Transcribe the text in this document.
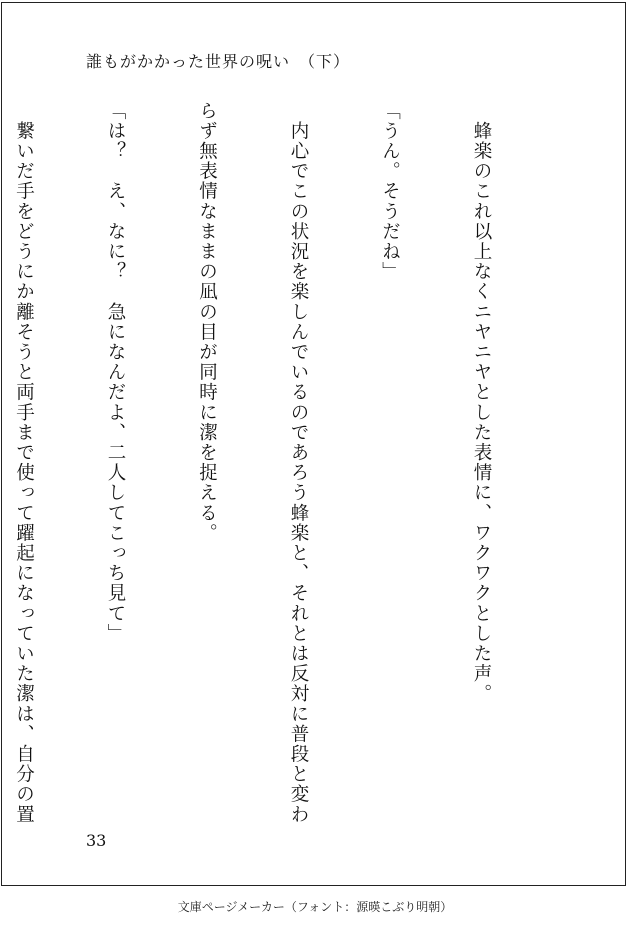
誰もがかかった世界の呪い　（下）

　蜂楽のこれ以上なくニヤニヤとした表情に、ワクワクとした声。

「うん。そうだね」

　内心でこの状況を楽しんでいるのであろう蜂楽と、それとは反対に普段と変わ

らず無表情なままの凪の目が同時に潔を捉える。

「は？　え、なに？　急になんだよ、二人してこっち見て」

　繋いだ手をどうにか離そうと両手まで使って躍起になっていた潔は、自分の置

33
文庫ページメーカー（フォント：源暎こぶり明朝）
